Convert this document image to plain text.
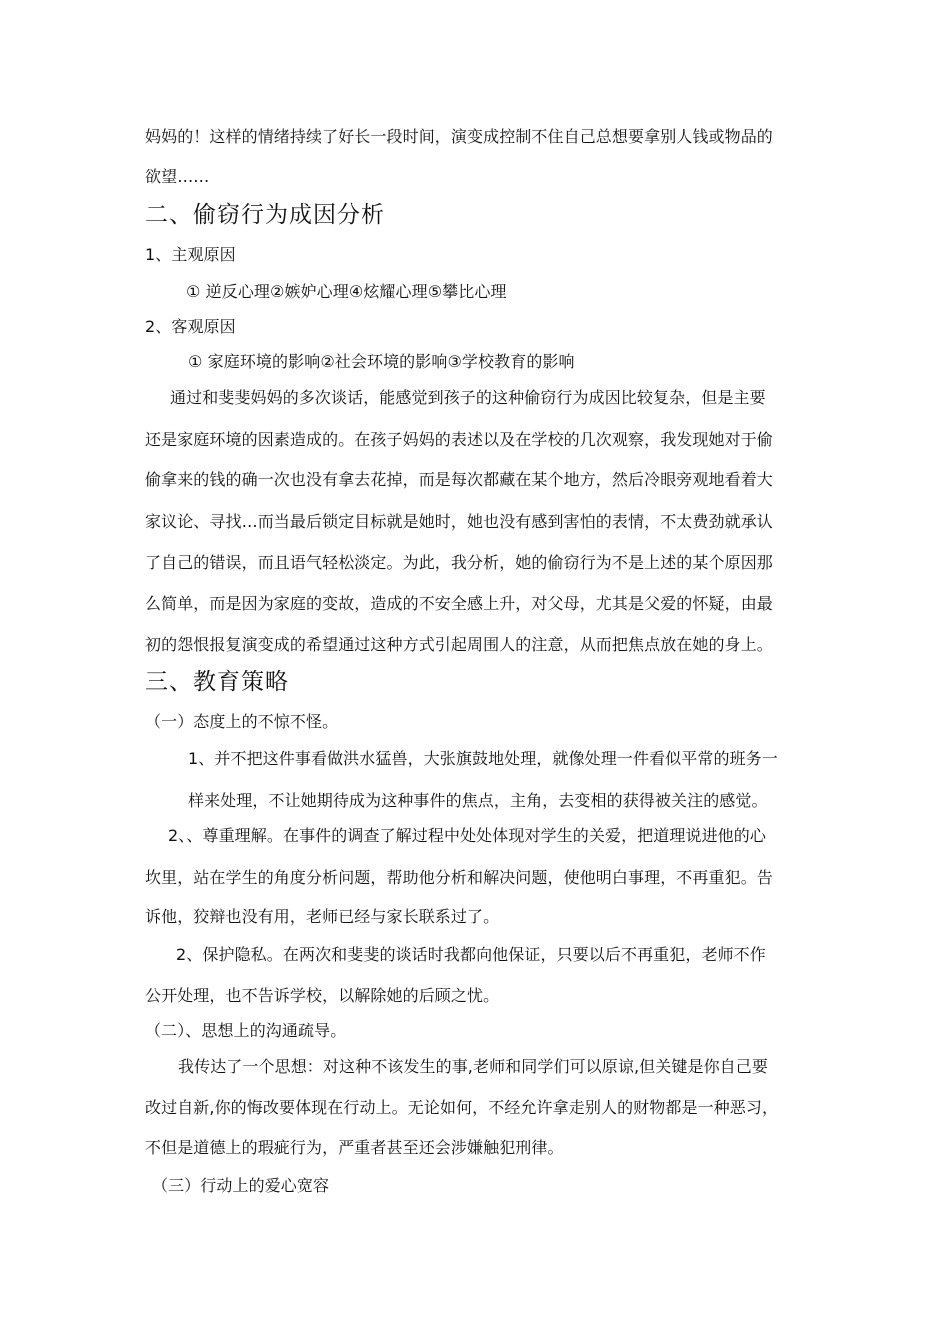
妈妈的！这样的情绪持续了好长一段时间，演变成控制不住自己总想要拿别人钱或物品的
欲望……
二、偷窃行为成因分析
1、主观原因
① 逆反心理②嫉妒心理④炫耀心理⑤攀比心理
2、客观原因
① 家庭环境的影响②社会环境的影响③学校教育的影响
通过和斐斐妈妈的多次谈话，能感觉到孩子的这种偷窃行为成因比较复杂，但是主要
还是家庭环境的因素造成的。在孩子妈妈的表述以及在学校的几次观察，我发现她对于偷
偷拿来的钱的确一次也没有拿去花掉，而是每次都藏在某个地方，然后冷眼旁观地看着大
家议论、寻找…而当最后锁定目标就是她时，她也没有感到害怕的表情，不太费劲就承认
了自己的错误，而且语气轻松淡定。为此，我分析，她的偷窃行为不是上述的某个原因那
么简单，而是因为家庭的变故，造成的不安全感上升，对父母，尤其是父爱的怀疑，由最
初的怨恨报复演变成的希望通过这种方式引起周围人的注意，从而把焦点放在她的身上。
三、教育策略
（一）态度上的不惊不怪。
1、并不把这件事看做洪水猛兽，大张旗鼓地处理，就像处理一件看似平常的班务一
样来处理，不让她期待成为这种事件的焦点，主角，去变相的获得被关注的感觉。
2、、尊重理解。在事件的调查了解过程中处处体现对学生的关爱，把道理说进他的心
坎里，站在学生的角度分析问题，帮助他分析和解决问题，使他明白事理，不再重犯。告
诉他，狡辩也没有用，老师已经与家长联系过了。
2、保护隐私。在两次和斐斐的谈话时我都向他保证，只要以后不再重犯，老师不作
公开处理，也不告诉学校，以解除她的后顾之忧。
（二）、思想上的沟通疏导。
我传达了一个思想：对这种不该发生的事,老师和同学们可以原谅,但关键是你自己要
改过自新,你的悔改要体现在行动上。无论如何，不经允许拿走别人的财物都是一种恶习，
不但是道德上的瑕疵行为，严重者甚至还会涉嫌触犯刑律。
（三）行动上的爱心宽容
